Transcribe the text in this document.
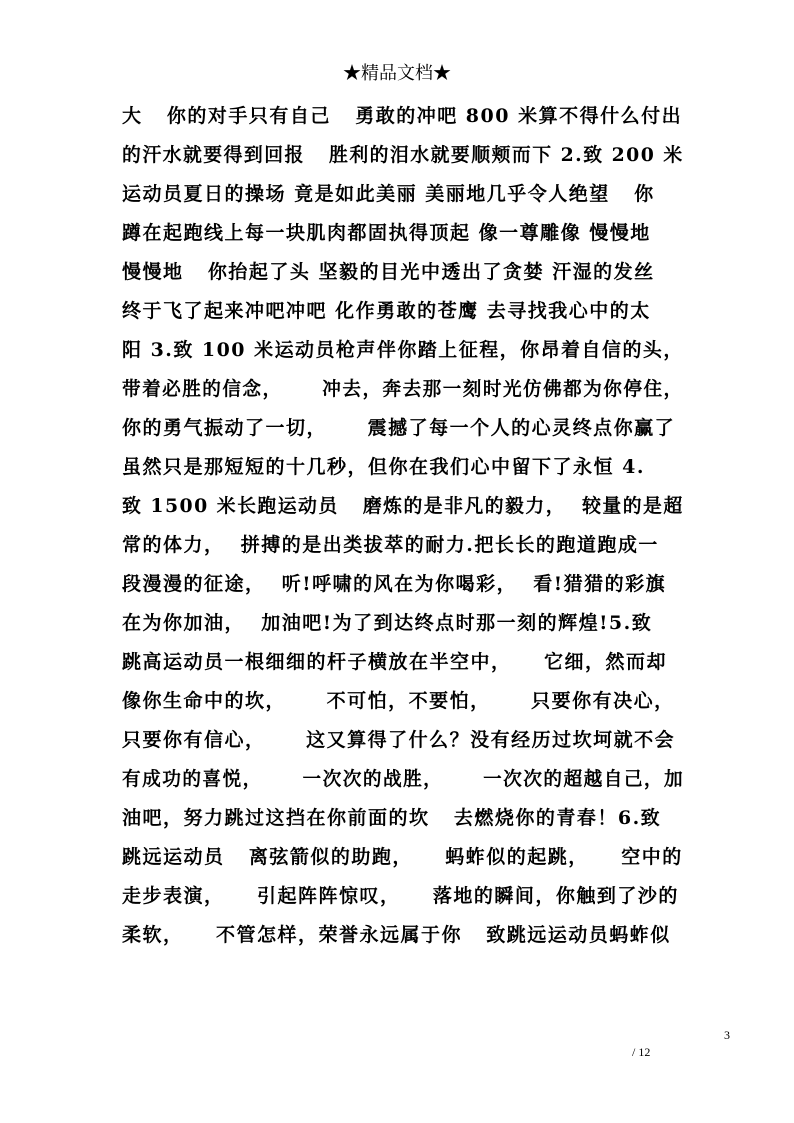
★精品文档★
大   你的对手只有自己   勇敢的冲吧 800 米算不得什么付出
的汗水就要得到回报   胜利的泪水就要顺颊而下 2.致 200 米
运动员夏日的操场 竟是如此美丽 美丽地几乎令人绝望   你
蹲在起跑线上每一块肌肉都固执得顶起 像一尊雕像 慢慢地
慢慢地   你抬起了头 坚毅的目光中透出了贪婪 汗湿的发丝
终于飞了起来冲吧冲吧 化作勇敢的苍鹰 去寻找我心中的太
阳 3.致 100 米运动员枪声伴你踏上征程，你昂着自信的头，
带着必胜的信念，     冲去，奔去那一刻时光仿佛都为你停住，
你的勇气振动了一切，     震撼了每一个人的心灵终点你赢了
虽然只是那短短的十几秒，但你在我们心中留下了永恒 4.
致 1500 米长跑运动员   磨炼的是非凡的毅力，  较量的是超
常的体力，  拼搏的是出类拔萃的耐力.把长长的跑道跑成一
段漫漫的征途，  听!呼啸的风在为你喝彩，  看!猎猎的彩旗
在为你加油，  加油吧!为了到达终点时那一刻的辉煌!5.致
跳高运动员一根细细的杆子横放在半空中，    它细，然而却
像你生命中的坎，     不可怕，不要怕，     只要你有决心，
只要你有信心，     这又算得了什么？没有经历过坎坷就不会
有成功的喜悦，     一次次的战胜，     一次次的超越自己，加
油吧，努力跳过这挡在你前面的坎   去燃烧你的青春！6.致
跳远运动员   离弦箭似的助跑，    蚂蚱似的起跳，    空中的
走步表演，    引起阵阵惊叹，    落地的瞬间，你触到了沙的
柔软，    不管怎样，荣誉永远属于你   致跳远运动员蚂蚱似
3
/ 12
